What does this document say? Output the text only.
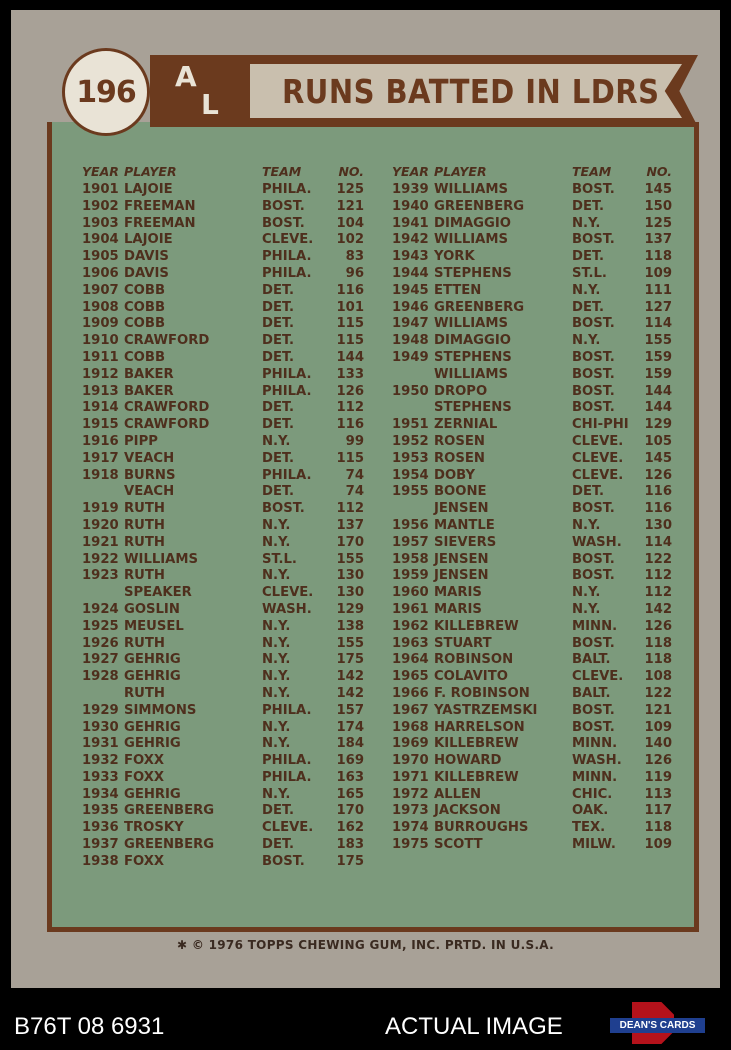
A
L RUNS BATTED IN LDRS
196
YEAR PLAYER	TEAM	NO.
1901 LAJOIE	PHILA. 125
1902 FREEMAN	BOST. 121
1903 FREEMAN	BOST. 104
1904 LAJOIE	CLEVE. 102
1905 DAVIS	PHILA.	83
1906 DAVIS	PHILA.	96
1907 COBB	DET.	116
1908 COBB	DET.	101
1909 COBB	DET.	115
1910 CRAWFORD	DET.	115
1911 COBB	DET.	144
1912 BAKER	PHILA. 133
1913 BAKER	PHILA. 126
1914 CRAWFORD	DET.	112
1915 CRAWFORD	DET.	116
1916 PIPP	N.Y.	99
1917 VEACH	DET.	115
1918 BURNS	PHILA.	74
VEACH	DET.	74
1919 RUTH	BOST. 112
1920 RUTH	N.Y.	137
1921 RUTH	N.Y.	170
1922 WILLIAMS	ST.L.	155
1923 RUTH	N.Y.	130
SPEAKER	CLEVE. 130
1924 GOSLIN	WASH. 129
1925 MEUSEL	N.Y.	138
1926 RUTH	N.Y.	155
1927 GEHRIG	N.Y.	175
1928 GEHRIG	N.Y.	142
RUTH	N.Y.	142
1929 SIMMONS	PHILA. 157
1930 GEHRIG	N.Y.	174
1931 GEHRIG	N.Y.	184
1932 FOXX	PHILA. 169
1933 FOXX	PHILA. 163
1934 GEHRIG	N.Y.	165
1935 GREENBERG	DET.	170
1936 TROSKY	CLEVE. 162
1937 GREENBERG	DET.	183
1938 FOXX	BOST. 175
YEAR PLAYER	TEAM	NO.
1939 WILLIAMS	BOST. 145
1940 GREENBERG	DET.	150
1941 DIMAGGIO	N.Y.	125
1942 WILLIAMS	BOST. 137
1943 YORK	DET.	118
1944 STEPHENS	ST.L.	109
1945 ETTEN	N.Y.	111
1946 GREENBERG	DET.	127
1947 WILLIAMS	BOST. 114
1948 DIMAGGIO	N.Y.	155
1949 STEPHENS	BOST. 159
WILLIAMS	BOST. 159
1950 DROPO	BOST. 144
STEPHENS	BOST. 144
1951 ZERNIAL	CHI-PHI 129
1952 ROSEN	CLEVE. 105
1953 ROSEN	CLEVE. 145
1954 DOBY	CLEVE. 126
1955 BOONE	DET.	116
JENSEN	BOST. 116
1956 MANTLE	N.Y.	130
1957 SIEVERS	WASH. 114
1958 JENSEN	BOST. 122
1959 JENSEN	BOST. 112
1960 MARIS	N.Y.	112
1961 MARIS	N.Y.	142
1962 KILLEBREW	MINN. 126
1963 STUART	BOST. 118
1964 ROBINSON	BALT.	118
1965 COLAVITO	CLEVE. 108
1966 F. ROBINSON	BALT.	122
1967 YASTRZEMSKI	BOST. 121
1968 HARRELSON	BOST. 109
1969 KILLEBREW	MINN. 140
1970 HOWARD	WASH. 126
1971 KILLEBREW	MINN. 119
1972 ALLEN	CHIC. 113
1973 JACKSON	OAK.	117
1974 BURROUGHS	TEX.	118
1975 SCOTT	MILW. 109
✱ © 1976 TOPPS CHEWING GUM, INC. PRTD. IN U.S.A.
B76T 08 6931	ACTUAL IMAGE	DEAN'S CARDS
